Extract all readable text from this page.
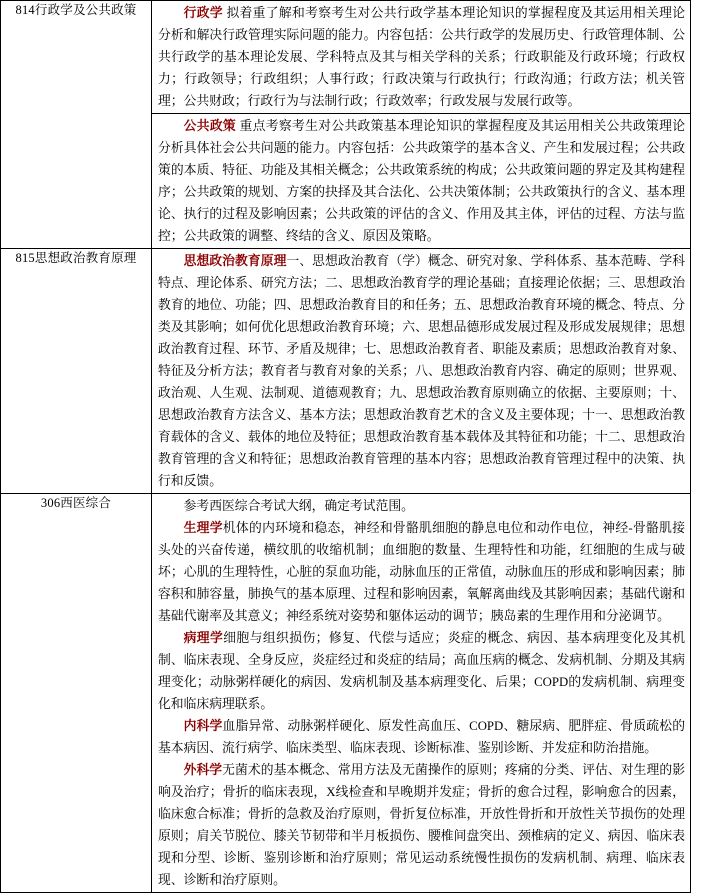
814行政学及公共政策	行政学 拟着重了解和考察考生对公共行政学基本理论知识的掌握程度及其运用相关理论分析和解决行政管理实际问题的能力。内容包括：公共行政学的发展历史、行政管理体制、公共行政学的基本理论发展、学科特点及其与相关学科的关系；行政职能及行政环境；行政权力；行政领导；行政组织；人事行政；行政决策与行政执行；行政沟通；行政方法；机关管理；公共财政；行政行为与法制行政；行政效率；行政发展与发展行政等。

公共政策 重点考察考生对公共政策基本理论知识的掌握程度及其运用相关公共政策理论分析具体社会公共问题的能力。内容包括：公共政策学的基本含义、产生和发展过程；公共政策的本质、特征、功能及其相关概念；公共政策系统的构成；公共政策问题的界定及其构建程序；公共政策的规划、方案的抉择及其合法化、公共决策体制；公共政策执行的含义、基本理论、执行的过程及影响因素；公共政策的评估的含义、作用及其主体，评估的过程、方法与监控；公共政策的调整、终结的含义、原因及策略。

815思想政治教育原理	思想政治教育原理一、思想政治教育（学）概念、研究对象、学科体系、基本范畴、学科特点、理论体系、研究方法；二、思想政治教育学的理论基础；直接理论依据；三、思想政治教育的地位、功能；四、思想政治教育目的和任务；五、思想政治教育环境的概念、特点、分类及其影响；如何优化思想政治教育环境；六、思想品德形成发展过程及形成发展规律；思想政治教育过程、环节、矛盾及规律；七、思想政治教育者、职能及素质；思想政治教育对象、特征及分析方法；教育者与教育对象的关系；八、思想政治教育内容、确定的原则；世界观、政治观、人生观、法制观、道德观教育；九、思想政治教育原则确立的依据、主要原则；十、思想政治教育方法含义、基本方法；思想政治教育艺术的含义及主要体现；十一、思想政治教育载体的含义、载体的地位及特征；思想政治教育基本载体及其特征和功能；十二、思想政治教育管理的含义和特征；思想政治教育管理的基本内容；思想政治教育管理过程中的决策、执行和反馈。

306西医综合	参考西医综合考试大纲，确定考试范围。

生理学机体的内环境和稳态，神经和骨骼肌细胞的静息电位和动作电位，神经-骨骼肌接头处的兴奋传递，横纹肌的收缩机制；血细胞的数量、生理特性和功能，红细胞的生成与破坏；心肌的生理特性，心脏的泵血功能，动脉血压的正常值，动脉血压的形成和影响因素；肺容积和肺容量，肺换气的基本原理、过程和影响因素，氧解离曲线及其影响因素；基础代谢和基础代谢率及其意义；神经系统对姿势和躯体运动的调节；胰岛素的生理作用和分泌调节。

病理学细胞与组织损伤；修复、代偿与适应；炎症的概念、病因、基本病理变化及其机制、临床表现、全身反应，炎症经过和炎症的结局；高血压病的概念、发病机制、分期及其病理变化；动脉粥样硬化的病因、发病机制及基本病理变化、后果；COPD的发病机制、病理变化和临床病理联系。

内科学血脂异常、动脉粥样硬化、原发性高血压、COPD、糖尿病、肥胖症、骨质疏松的基本病因、流行病学、临床类型、临床表现、诊断标准、鉴别诊断、并发症和防治措施。

外科学无菌术的基本概念、常用方法及无菌操作的原则；疼痛的分类、评估、对生理的影响及治疗；骨折的临床表现，X线检查和早晚期并发症；骨折的愈合过程，影响愈合的因素，临床愈合标准；骨折的急救及治疗原则，骨折复位标准，开放性骨折和开放性关节损伤的处理原则；肩关节脱位、膝关节韧带和半月板损伤、腰椎间盘突出、颈椎病的定义、病因、临床表现和分型、诊断、鉴别诊断和治疗原则；常见运动系统慢性损伤的发病机制、病理、临床表现、诊断和治疗原则。
